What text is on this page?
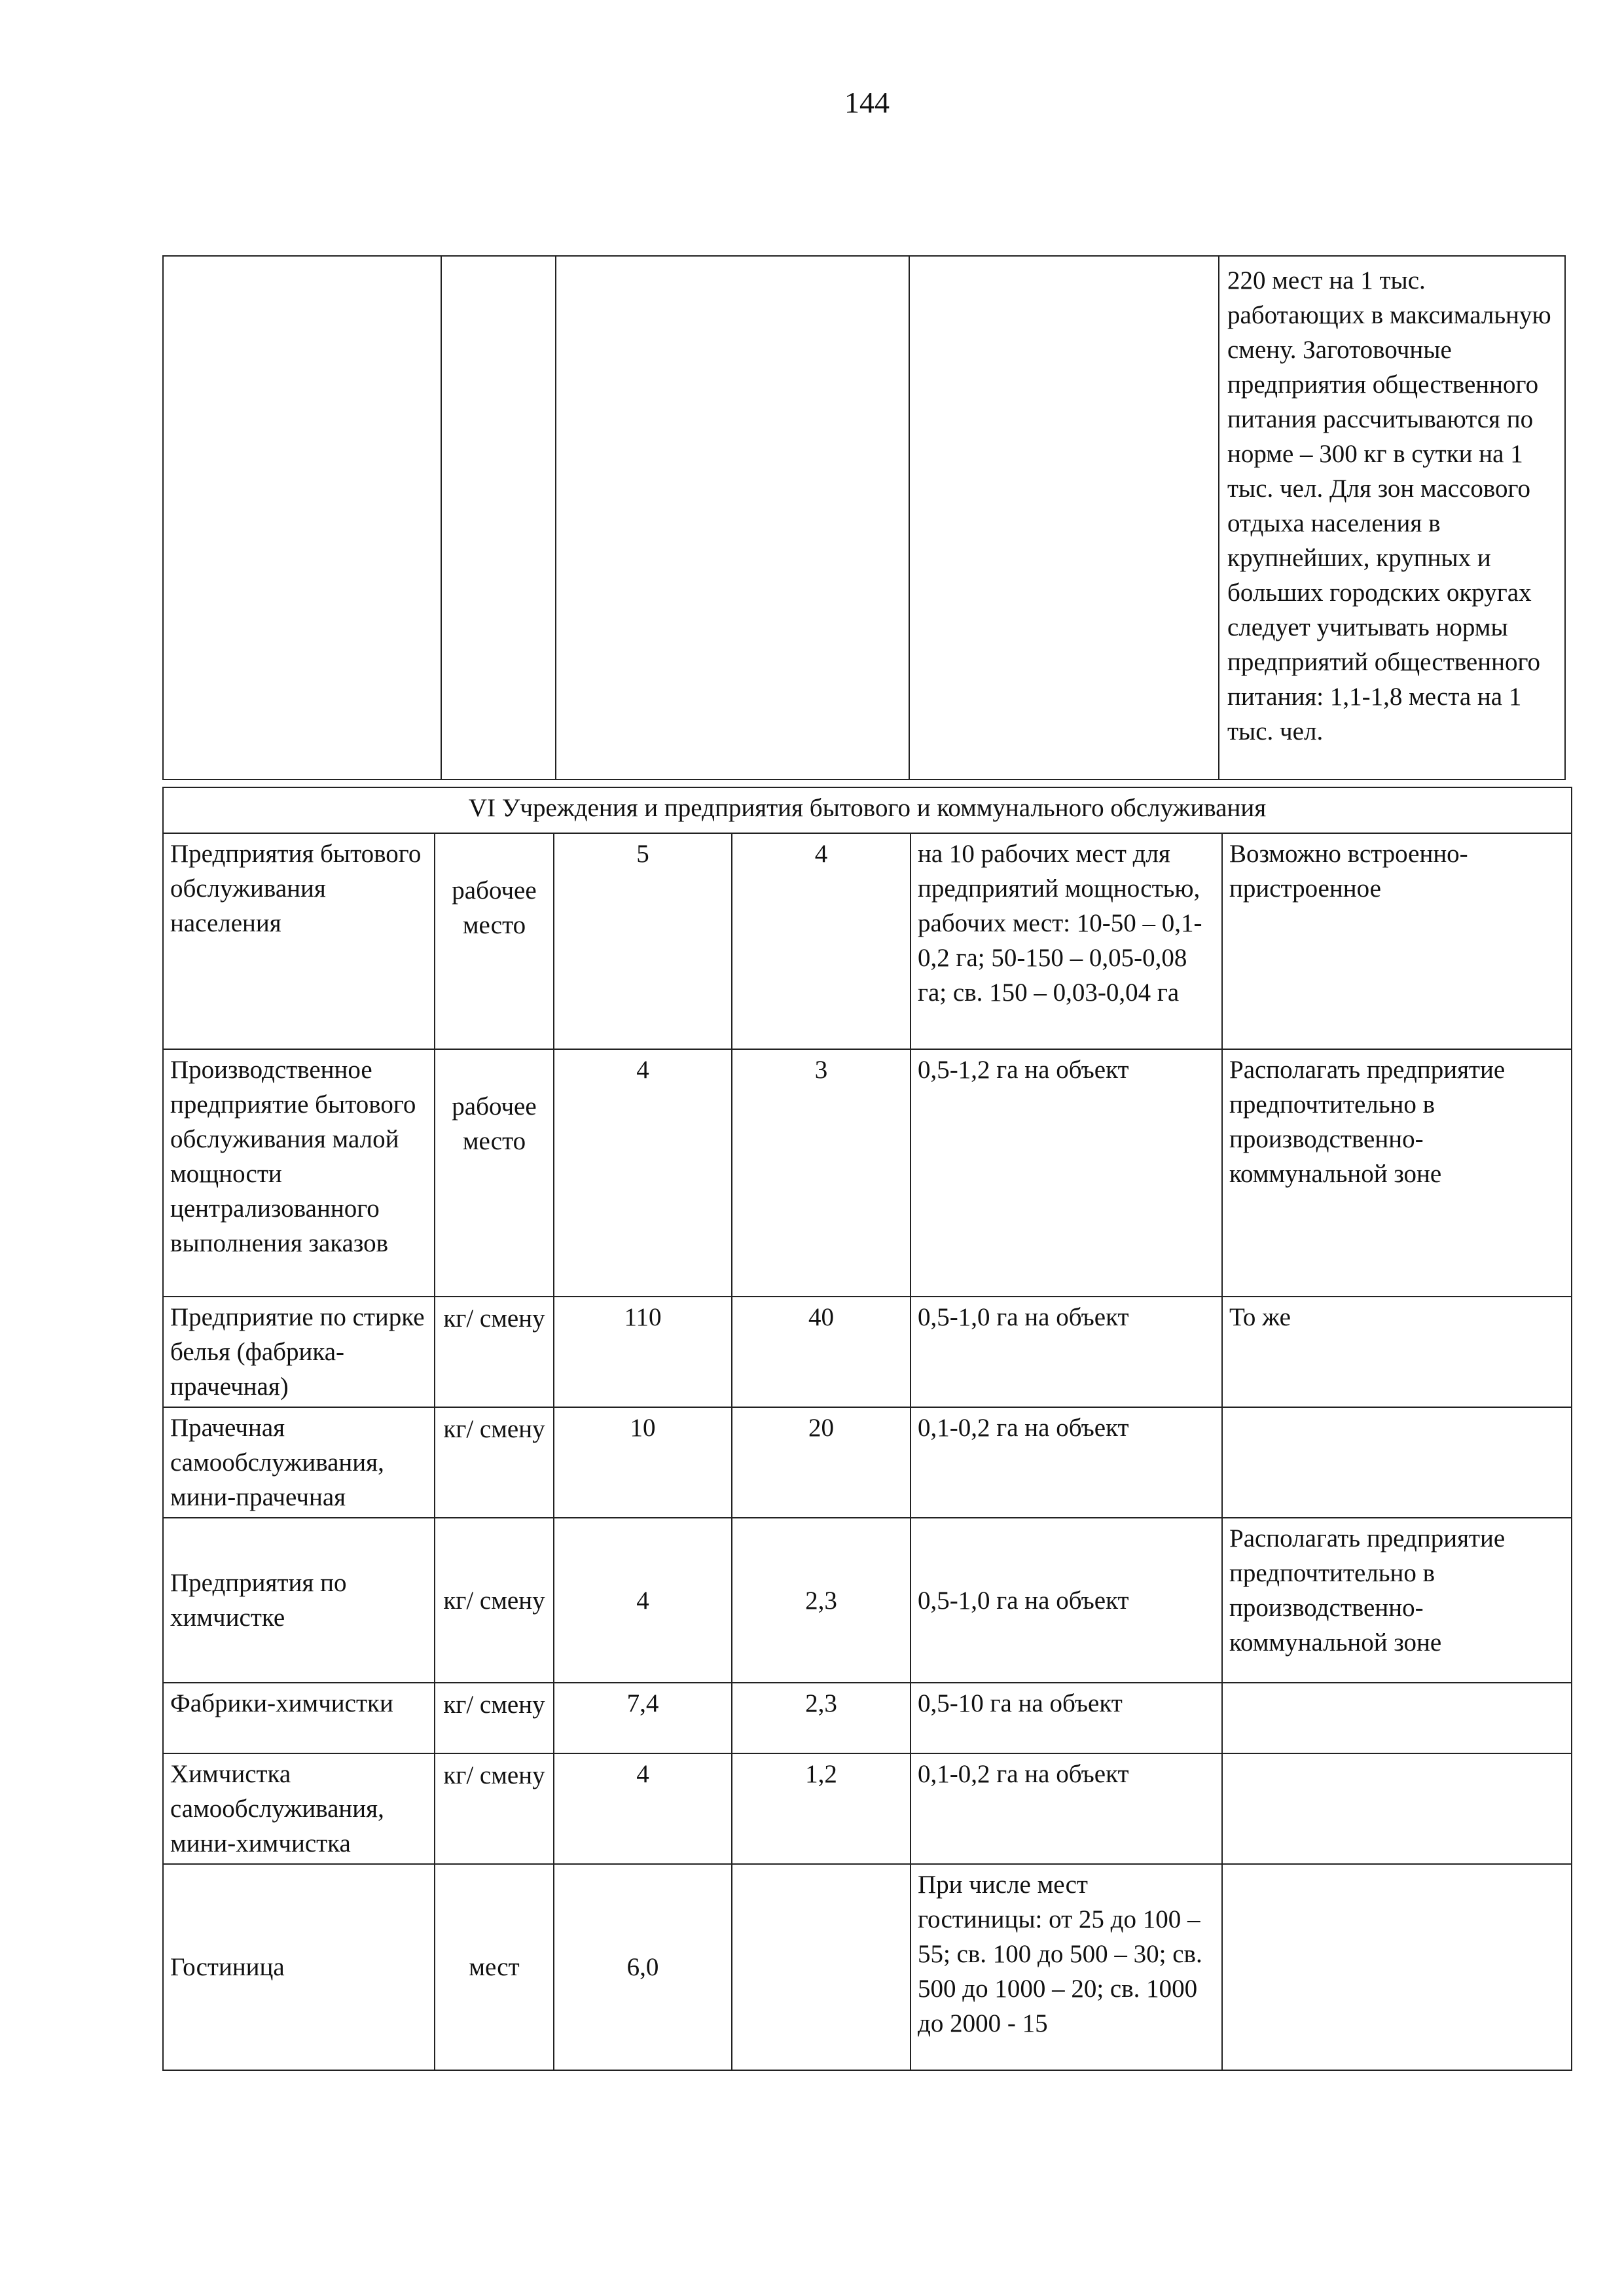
144
				220 мест на 1 тыс. работающих в максимальную смену. Заготовочные предприятия общественного питания рассчитываются по норме – 300 кг в сутки на 1 тыс. чел. Для зон массового отдыха населения в крупнейших, крупных и больших городских округах следует учитывать нормы предприятий общественного питания: 1,1-1,8 места на 1 тыс. чел.
VI Учреждения и предприятия бытового и коммунального обслуживания					
Предприятия бытового обслуживания населения	рабочее место	5	4	на 10 рабочих мест для предприятий мощностью, рабочих мест: 10-50 – 0,1-0,2 га; 50-150 – 0,05-0,08 га; св. 150 – 0,03-0,04 га	Возможно встроенно-пристроенное
Производственное предприятие бытового обслуживания малой мощности централизованного выполнения заказов	рабочее место	4	3	0,5-1,2 га на объект	Располагать предприятие предпочтительно в производственно-коммунальной зоне
Предприятие по стирке белья (фабрика-прачечная)	кг/ смену	110	40	0,5-1,0 га на объект	То же
Прачечная самообслуживания, мини-прачечная	кг/ смену	10	20	0,1-0,2 га на объект	
Предприятия по химчистке	кг/ смену	4	2,3	0,5-1,0 га на объект	Располагать предприятие предпочтительно в производственно-коммунальной зоне
Фабрики-химчистки	кг/ смену	7,4	2,3	0,5-10 га на объект	
Химчистка самообслуживания, мини-химчистка	кг/ смену	4	1,2	0,1-0,2 га на объект	
Гостиница	мест	6,0		При числе мест гостиницы: от 25 до 100 – 55; св. 100 до 500 – 30; св. 500 до 1000 – 20; св. 1000 до 2000 - 15	
